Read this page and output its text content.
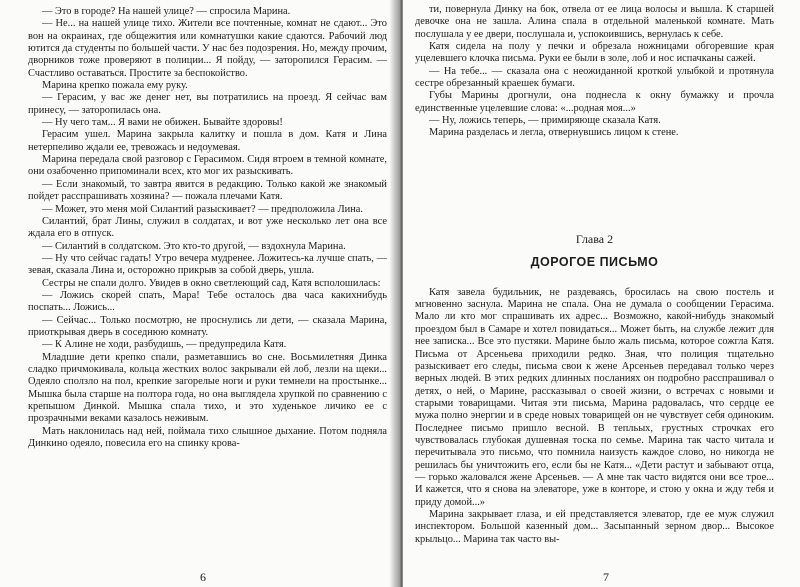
— Это в городе? На нашей улице? — спросила Марина.

— Не... на нашей улице тихо. Жители все почтенные, комнат не сдают... Это вон на окраинах, где общежития или комнатушки какие сдаются. Рабочий люд ютится да студенты по большей части. У нас без подозрения. Но, между прочим, дворников тоже проверяют в полиции... Я пойду, — заторопился Герасим. — Счастливо оставаться. Простите за беспокойство.

Марина крепко пожала ему руку.

— Герасим, у вас же денег нет, вы потратились на проезд. Я сейчас вам принесу, — заторопилась она.

— Ну чего там... Я вами не обижен. Бывайте здоровы!

Герасим ушел. Марина закрыла калитку и пошла в дом. Катя и Лина нетерпеливо ждали ее, тревожась и недоумевая.

Марина передала свой разговор с Герасимом. Сидя втроем в темной комнате, они озабоченно припоминали всех, кто мог их разыскивать.

— Если знакомый, то завтра явится в редакцию. Только какой же знакомый пойдет расспрашивать хозяина? — пожала плечами Катя.

— Может, это меня мой Силантий разыскивает? — предположила Лина.

Силантий, брат Лины, служил в солдатах, и вот уже несколько лет она все ждала его в отпуск.

— Силантий в солдатском. Это кто-то другой, — вздохнула Марина.

— Ну что сейчас гадать! Утро вечера мудренее. Ложитесь-ка лучше спать, — зевая, сказала Лина и, осторожно прикрыв за собой дверь, ушла.

Сестры не спали долго. Увидев в окно светлеющий сад, Катя всполошилась:

— Ложись скорей спать, Мара! Тебе осталось два часа какихнибудь поспать... Ложись...

— Сейчас... Только посмотрю, не проснулись ли дети, — сказала Марина, приоткрывая дверь в соседнюю комнату.

— К Алине не ходи, разбудишь, — предупредила Катя.

Младшие дети крепко спали, разметавшись во сне. Восьмилетняя Динка сладко причмокивала, кольца жестких волос закрывали ей лоб, лезли на щеки... Одеяло сползло на пол, крепкие загорелые ноги и руки темнели на простынке... Мышка была старше на полтора года, но она выглядела хрупкой по сравнению с крепышом Динкой. Мышка спала тихо, и это худенькое личико ее с прозрачными веками казалось неживым.

Мать наклонилась над ней, поймала тихо слышное дыхание. Потом подняла Динкино одеяло, повесила его на спинку крова-

6

ти, повернула Динку на бок, отвела от ее лица волосы и вышла. К старшей девочке она не зашла. Алина спала в отдельной маленькой комнате. Мать послушала у ее двери, послушала и, успокоившись, вернулась к себе.

Катя сидела на полу у печки и обрезала ножницами обгоревшие края уцелевшего клочка письма. Руки ее были в золе, лоб и нос испачканы сажей.

— На тебе... — сказала она с неожиданной кроткой улыбкой и протянула сестре обрезанный краешек бумаги.

Губы Марины дрогнули, она поднесла к окну бумажку и прочла единственные уцелевшие слова: «...родная моя...»

— Ну, ложись теперь, — примиряюще сказала Катя.

Марина разделась и легла, отвернувшись лицом к стене.

Глава 2
ДОРОГОЕ ПИСЬМО

Катя завела будильник, не раздеваясь, бросилась на свою постель и мгновенно заснула. Марина не спала. Она не думала о сообщении Герасима. Мало ли кто мог спрашивать их адрес... Возможно, какой-нибудь знакомый проездом был в Самаре и хотел повидаться... Может быть, на службе лежит для нее записка... Все это пустяки. Марине было жаль письма, которое сожгла Катя. Письма от Арсеньева приходили редко. Зная, что полиция тщательно разыскивает его следы, письма свои к жене Арсеньев передавал только через верных людей. В этих редких длинных посланиях он подробно расспрашивал о детях, о ней, о Марине, рассказывал о своей жизни, о встречах с новыми и старыми товарищами. Читая эти письма, Марина радовалась, что сердце ее мужа полно энергии и в среде новых товарищей он не чувствует себя одиноким. Последнее письмо пришло весной. В тепльых, грустных строчках его чувствовалась глубокая душевная тоска по семье. Марина так часто читала и перечитывала это письмо, что помнила наизусть каждое слово, но никогда не решилась бы уничтожить его, если бы не Катя... «Дети растут и забывают отца, — горько жаловался жене Арсеньев. — А мне так часто видятся они все трое... И кажется, что я снова на элеваторе, уже в конторе, и стою у окна и жду тебя и приду домой...»

Марина закрывает глаза, и ей представляется элеватор, где ее муж служил инспектором. Большой казенный дом... Засыпанный зерном двор... Высокое крыльцо... Марина так часто вы-

7
